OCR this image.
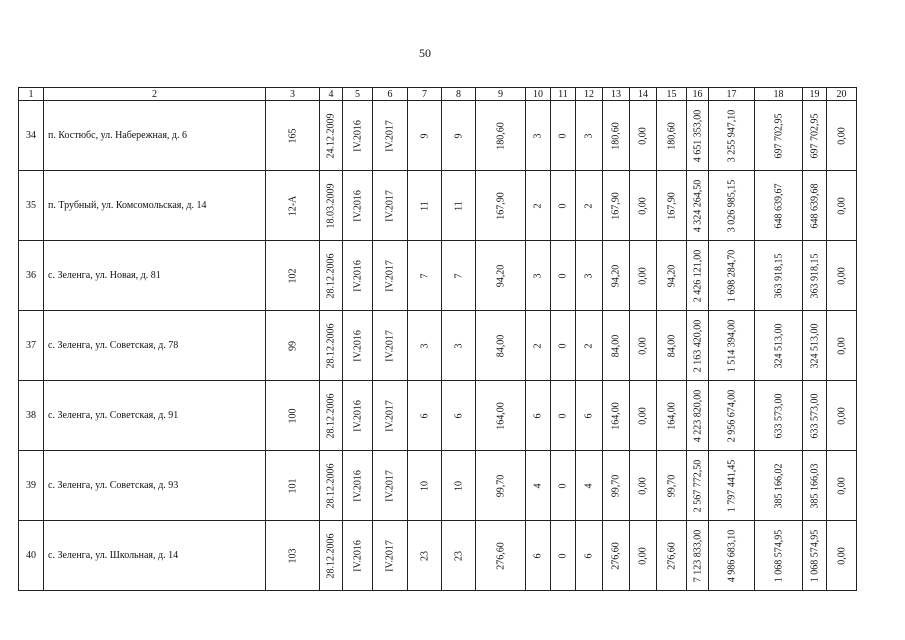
50
1	2	3	4	5	6	7	8	9	10	11	12	13	14	15	16	17	18	19	20
34	п. Костюбс, ул. Набережная, д. 6	165	24.12.2009	IV.2016	IV.2017	9	9	180,60	3	0	3	180,60	0,00	180,60	4 651 353,00	3 255 947,10	697 702,95	697 702,95	0,00

35	п. Трубный, ул. Комсомольская, д. 14	12-А	18.03.2009	IV.2016	IV.2017	11	11	167,90	2	0	2	167,90	0,00	167,90	4 324 264,50	3 026 985,15	648 639,67	648 639,68	0,00

36	с. Зеленга, ул. Новая, д. 81	102	28.12.2006	IV.2016	IV.2017	7	7	94,20	3	0	3	94,20	0,00	94,20	2 426 121,00	1 698 284,70	363 918,15	363 918,15	0,00

37	с. Зеленга, ул. Советская, д. 78	99	28.12.2006	IV.2016	IV.2017	3	3	84,00	2	0	2	84,00	0,00	84,00	2 163 420,00	1 514 394,00	324 513,00	324 513,00	0,00

38	с. Зеленга, ул. Советская, д. 91	100	28.12.2006	IV.2016	IV.2017	6	6	164,00	6	0	6	164,00	0,00	164,00	4 223 820,00	2 956 674,00	633 573,00	633 573,00	0,00

39	с. Зеленга, ул. Советская, д. 93	101	28.12.2006	IV.2016	IV.2017	10	10	99,70	4	0	4	99,70	0,00	99,70	2 567 772,50	1 797 441,45	385 166,02	385 166,03	0,00

40	с. Зеленга, ул. Школьная, д. 14	103	28.12.2006	IV.2016	IV.2017	23	23	276,60	6	0	6	276,60	0,00	276,60	7 123 833,00	4 986 683,10	1 068 574,95	1 068 574,95	0,00
